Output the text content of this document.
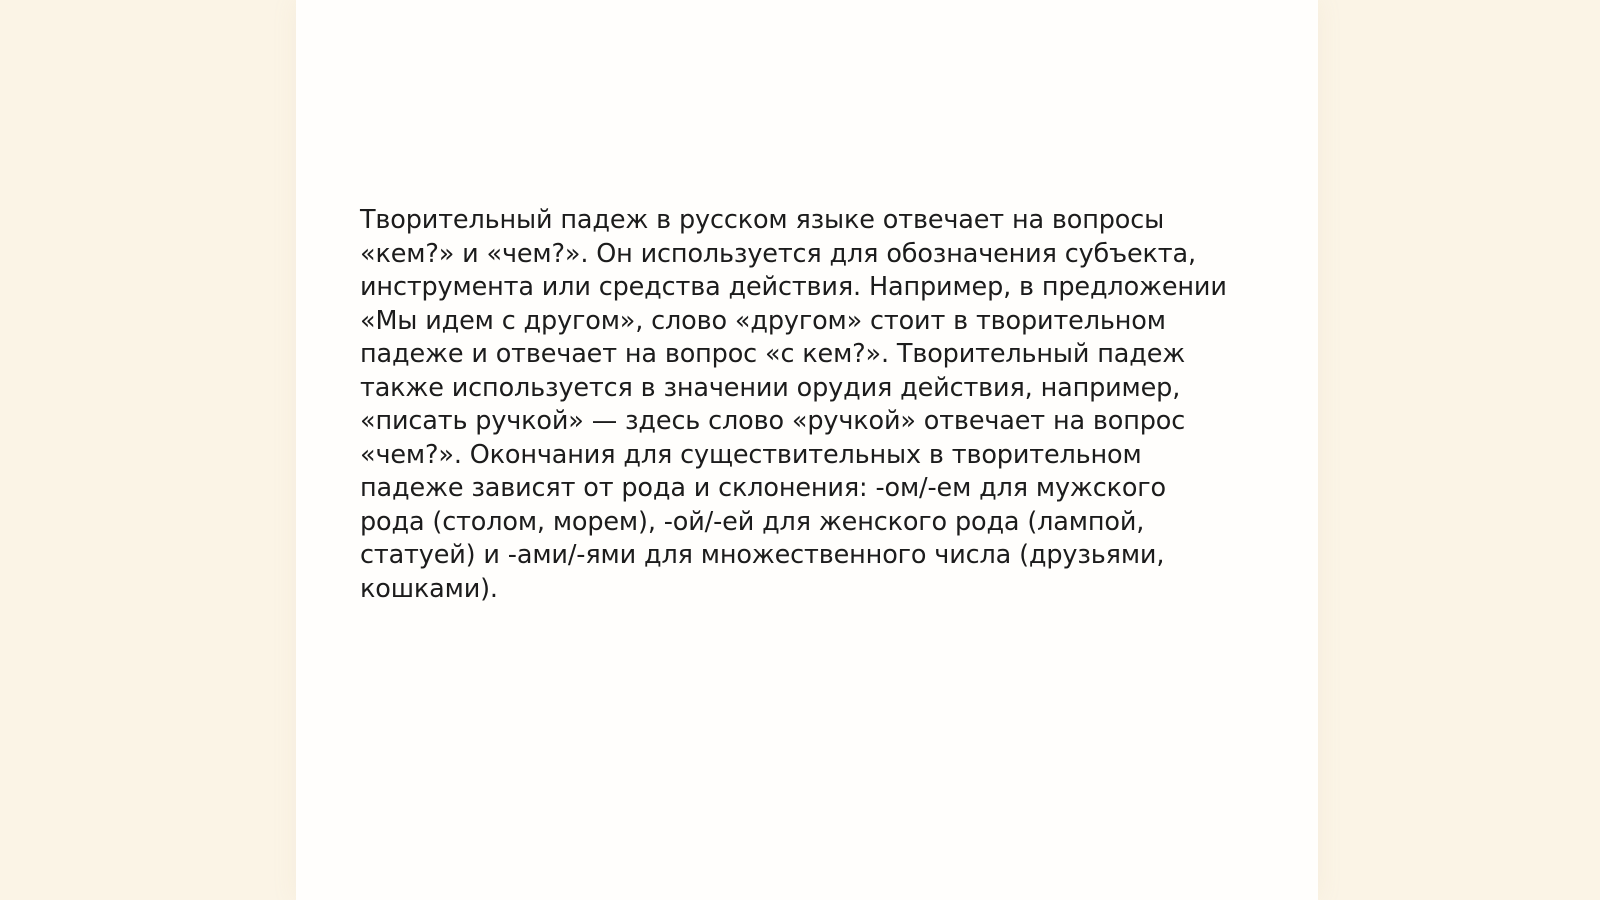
Творительный падеж в русском языке отвечает на вопросы
«кем?» и «чем?». Он используется для обозначения субъекта,
инструмента или средства действия. Например, в предложении
«Мы идем с другом», слово «другом» стоит в творительном
падеже и отвечает на вопрос «с кем?». Творительный падеж
также используется в значении орудия действия, например,
«писать ручкой» — здесь слово «ручкой» отвечает на вопрос
«чем?». Окончания для существительных в творительном
падеже зависят от рода и склонения: -ом/-ем для мужского
рода (столом, морем), -ой/-ей для женского рода (лампой,
статуей) и -ами/-ями для множественного числа (друзьями,
кошками).
